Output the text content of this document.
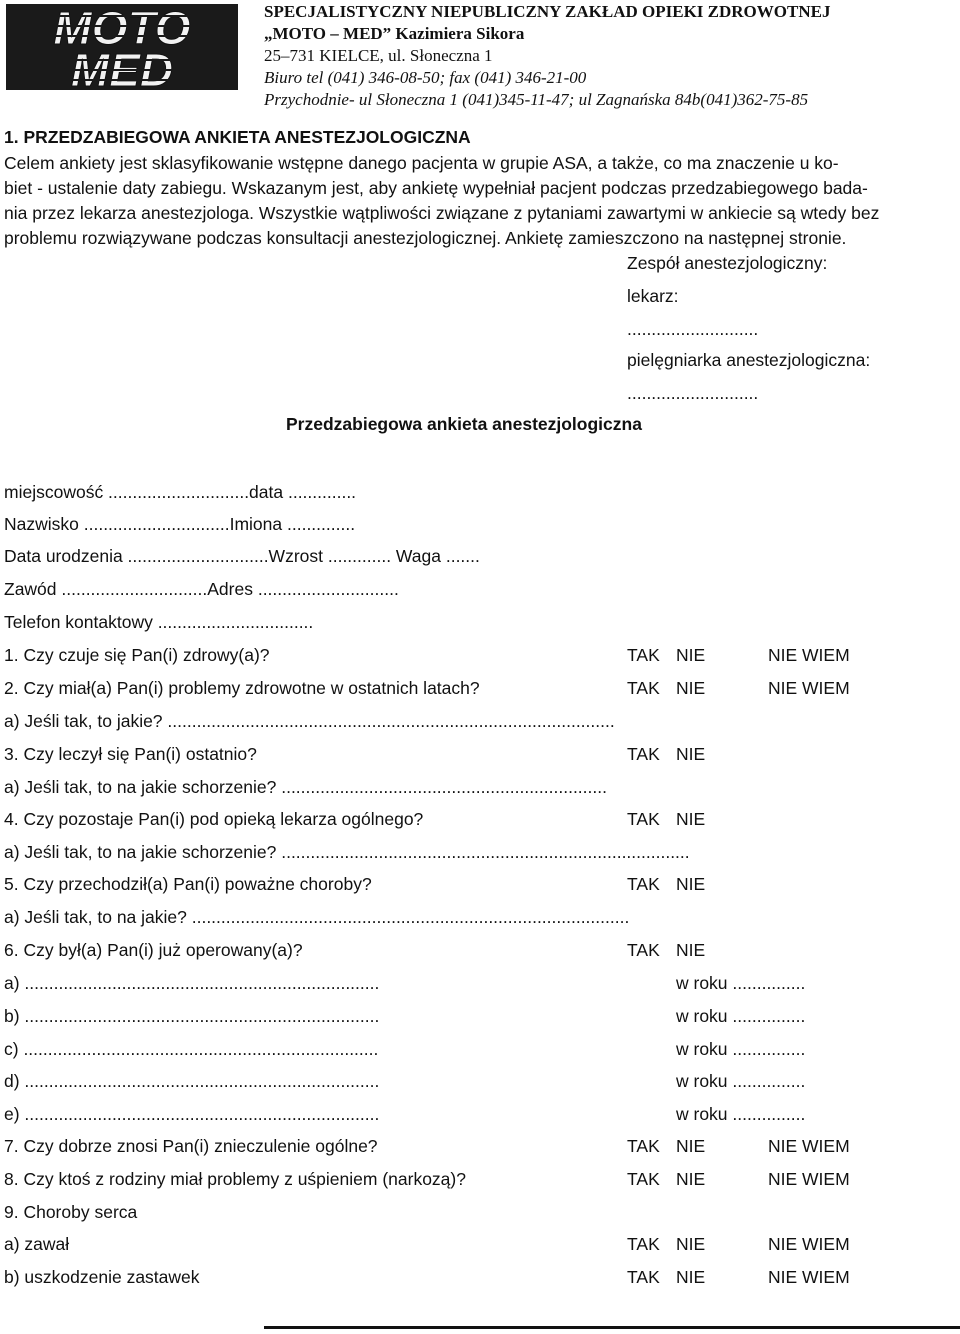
MOTO
MED
SPECJALISTYCZNY NIEPUBLICZNY ZAKŁAD OPIEKI ZDROWOTNEJ
„MOTO – MED” Kazimiera Sikora
25–731 KIELCE, ul. Słoneczna 1
Biuro tel (041) 346-08-50; fax (041) 346-21-00
Przychodnie- ul Słoneczna 1 (041)345-11-47; ul Zagnańska 84b(041)362-75-85
1. PRZEDZABIEGOWA ANKIETA ANESTEZJOLOGICZNA
Celem ankiety jest sklasyfikowanie wstępne danego pacjenta w grupie ASA, a także, co ma znaczenie u ko-
biet - ustalenie daty zabiegu. Wskazanym jest, aby ankietę wypełniał pacjent podczas przedzabiegowego bada-
nia przez lekarza anestezjologa. Wszystkie wątpliwości związane z pytaniami zawartymi w ankiecie są wtedy bez
problemu rozwiązywane podczas konsultacji anestezjologicznej. Ankietę zamieszczono na następnej stronie.
Zespół anestezjologiczny:
lekarz:
...........................
pielęgniarka anestezjologiczna:
...........................
Przedzabiegowa ankieta anestezjologiczna
miejscowość .............................data ..............
Nazwisko ..............................Imiona ..............
Data urodzenia .............................Wzrost ............. Waga .......
Zawód ..............................Adres .............................
Telefon kontaktowy ................................
1. Czy czuje się Pan(i) zdrowy(a)?	TAK NIE	NIE WIEM
2. Czy miał(a) Pan(i) problemy zdrowotne w ostatnich latach?	TAK NIE	NIE WIEM
a) Jeśli tak, to jakie? ............................................................................................
3. Czy leczył się Pan(i) ostatnio?	TAK NIE
a) Jeśli tak, to na jakie schorzenie? ...................................................................
4. Czy pozostaje Pan(i) pod opieką lekarza ogólnego?	TAK NIE
a) Jeśli tak, to na jakie schorzenie? ....................................................................................
5. Czy przechodził(a) Pan(i) poważne choroby?	TAK NIE
a) Jeśli tak, to na jakie? ..........................................................................................
6. Czy był(a) Pan(i) już operowany(a)?	TAK NIE
a) .........................................................................	w roku ...............
b) .........................................................................	w roku ...............
c) .........................................................................	w roku ...............
d) .........................................................................	w roku ...............
e) .........................................................................	w roku ...............
7. Czy dobrze znosi Pan(i) znieczulenie ogólne?	TAK NIE	NIE WIEM
8. Czy ktoś z rodziny miał problemy z uśpieniem (narkozą)?	TAK NIE	NIE WIEM
9. Choroby serca
a) zawał	TAK NIE	NIE WIEM
b) uszkodzenie zastawek	TAK NIE	NIE WIEM
